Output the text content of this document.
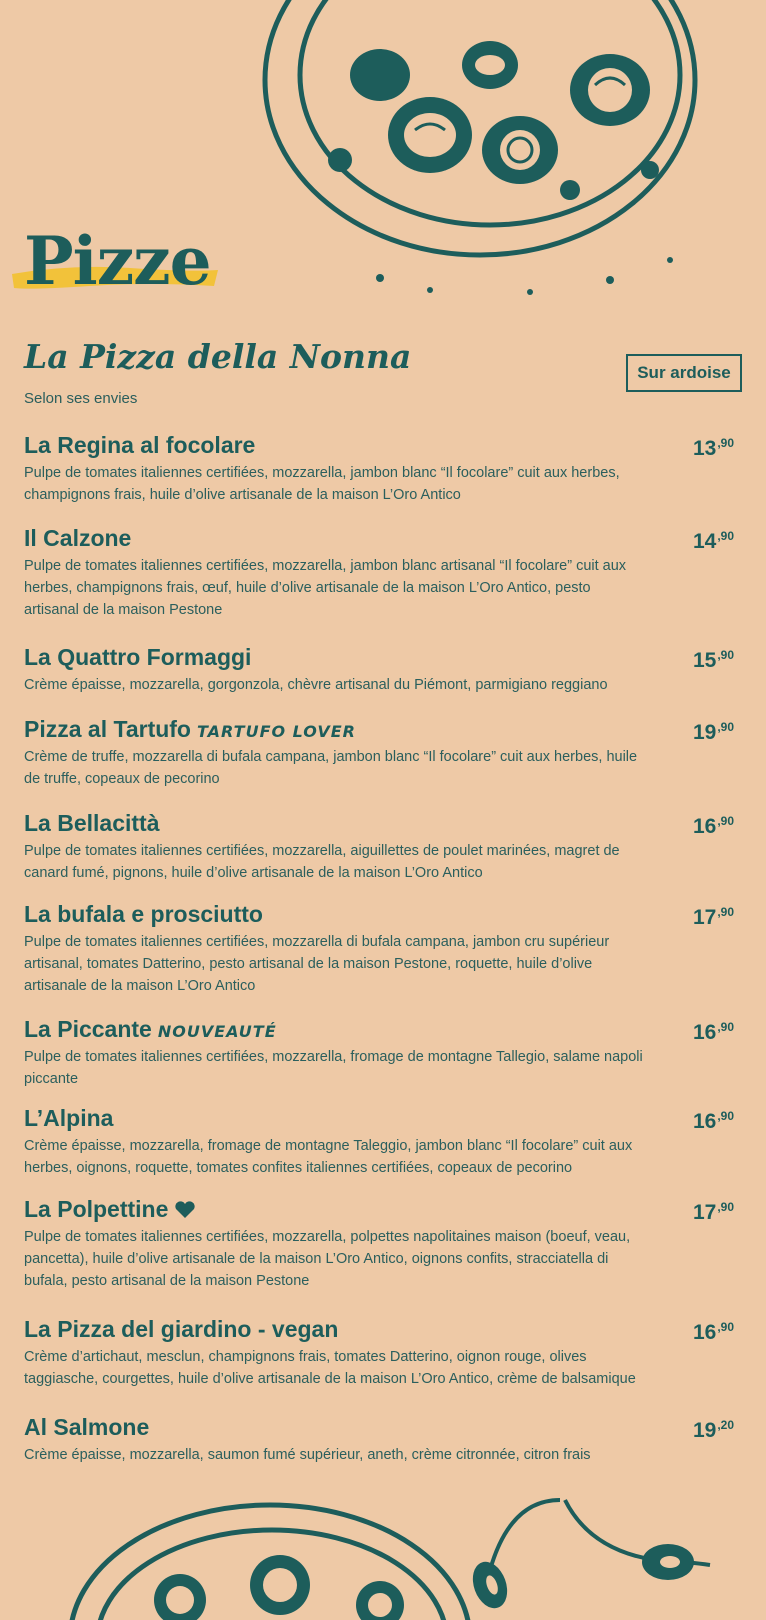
Pizze
La Pizza della Nonna
Selon ses envies
Sur ardoise
La Regina al focolare
Pulpe de tomates italiennes certifiées, mozzarella, jambon blanc “Il focolare” cuit aux herbes, champignons frais, huile d’olive artisanale de la maison L’Oro Antico
$13^{,90}$
Il Calzone
Pulpe de tomates italiennes certifiées, mozzarella, jambon blanc artisanal “Il focolare” cuit aux herbes, champignons frais, œuf, huile d’olive artisanale de la maison L’Oro Antico, pesto artisanal de la maison Pestone
$14^{,90}$
La Quattro Formaggi
Crème épaisse, mozzarella, gorgonzola, chèvre artisanal du Piémont, parmigiano reggiano
$15^{,90}$
Pizza al Tartufo TARTUFO LOVER
Crème de truffe, mozzarella di bufala campana, jambon blanc “Il focolare” cuit aux herbes, huile de truffe, copeaux de pecorino
$19^{,90}$
La Bellacittà
Pulpe de tomates italiennes certifiées, mozzarella, aiguillettes de poulet marinées, magret de canard fumé, pignons, huile d’olive artisanale de la maison L’Oro Antico
$16^{,90}$
La bufala e prosciutto
Pulpe de tomates italiennes certifiées, mozzarella di bufala campana, jambon cru supérieur artisanal, tomates Datterino, pesto artisanal de la maison Pestone, roquette, huile d’olive artisanale de la maison L’Oro Antico
$17^{,90}$
La Piccante NOUVEAUTÉ
Pulpe de tomates italiennes certifiées, mozzarella, fromage de montagne Tallegio, salame napoli piccante
$16^{,90}$
L’Alpina
Crème épaisse, mozzarella, fromage de montagne Taleggio, jambon blanc “Il focolare” cuit aux herbes, oignons, roquette, tomates confites italiennes certifiées, copeaux de pecorino
$16^{,90}$
La Polpettine
Pulpe de tomates italiennes certifiées, mozzarella, polpettes napolitaines maison (boeuf, veau, pancetta), huile d’olive artisanale de la maison L’Oro Antico, oignons confits, stracciatella di bufala, pesto artisanal de la maison Pestone
$17^{,90}$
La Pizza del giardino - vegan
Crème d’artichaut, mesclun, champignons frais, tomates Datterino, oignon rouge, olives taggiasche, courgettes, huile d’olive artisanale de la maison L’Oro Antico, crème de balsamique
$16^{,90}$
Al Salmone
Crème épaisse, mozzarella, saumon fumé supérieur, aneth, crème citronnée, citron frais
$19^{,20}$
